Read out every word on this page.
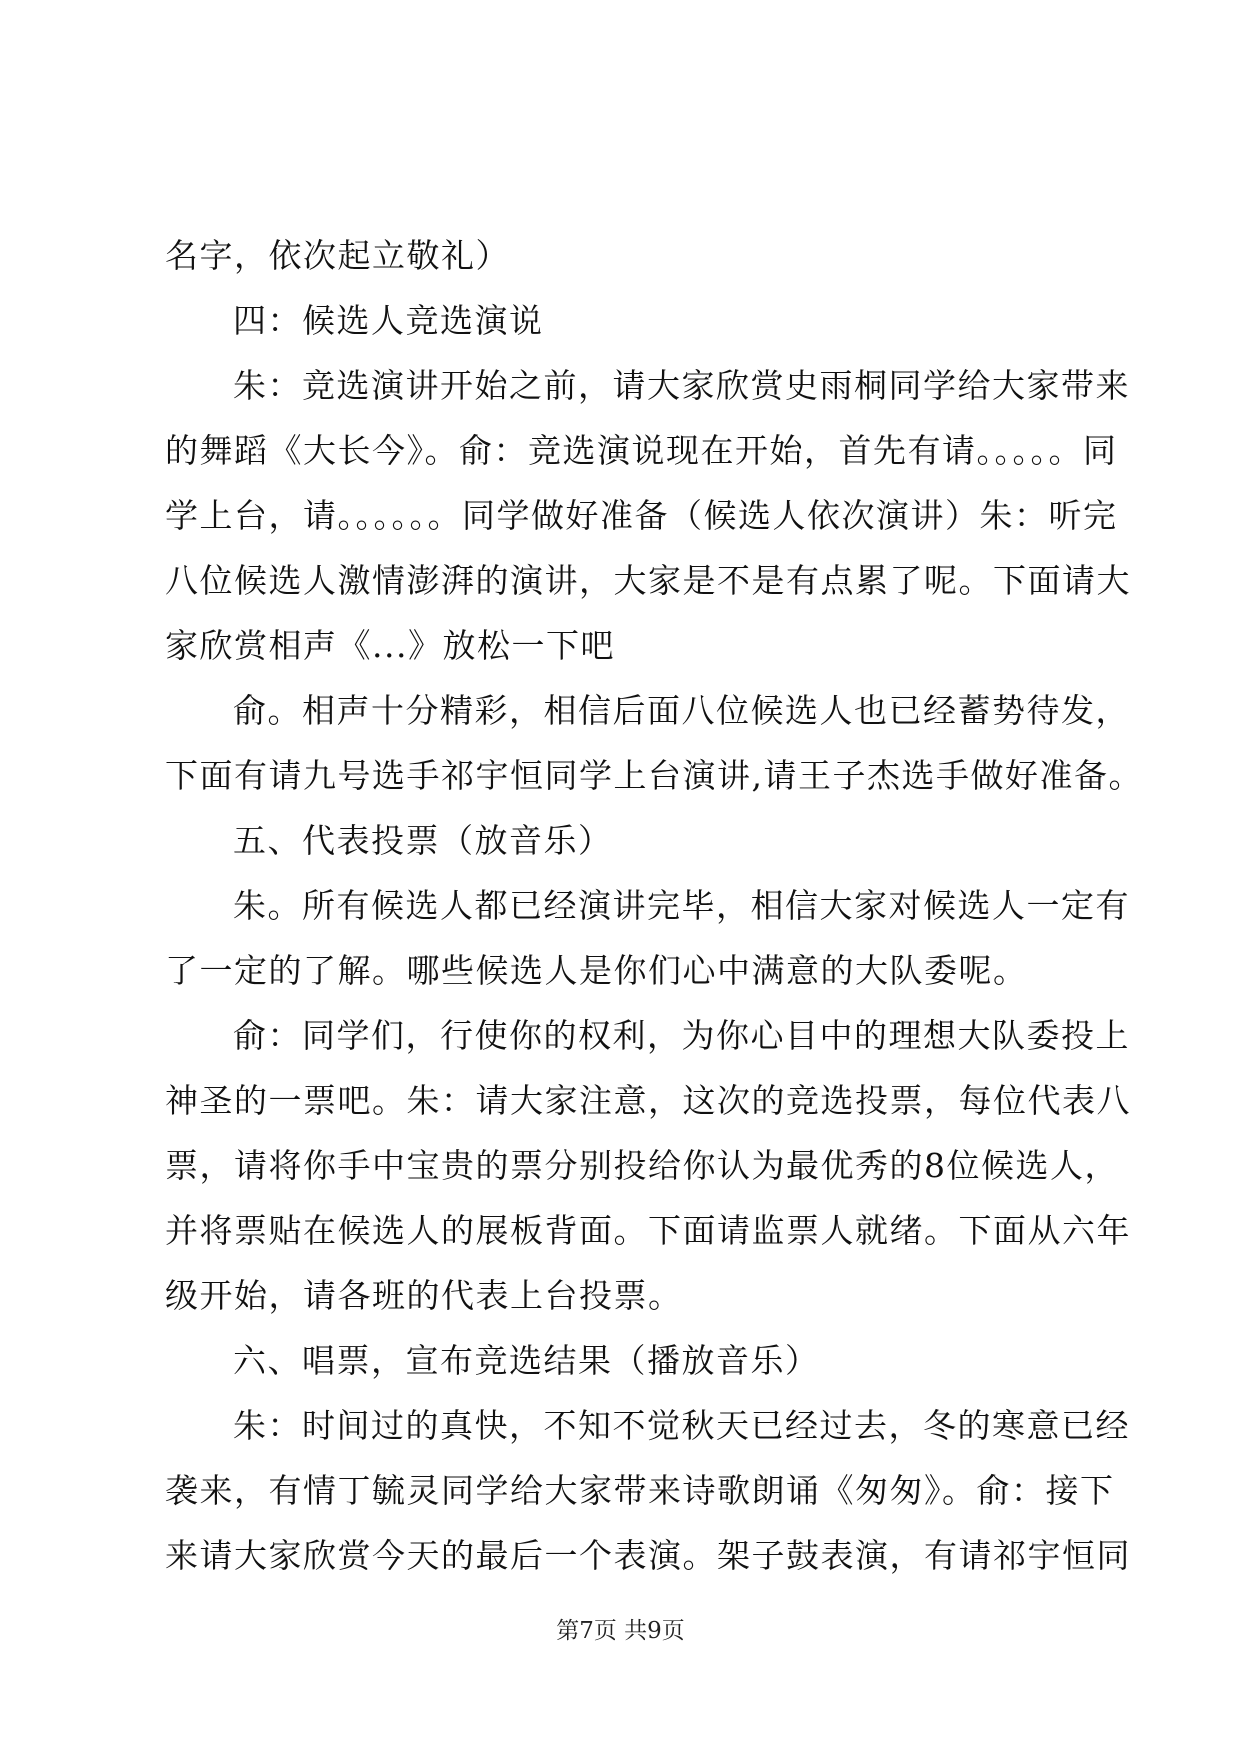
名字，依次起立敬礼）
四：候选人竞选演说
朱：竞选演讲开始之前，请大家欣赏史雨桐同学给大家带来
的舞蹈《大长今》。俞：竞选演说现在开始，首先有请。。。。。同
学上台，请。。。。。。同学做好准备（候选人依次演讲）朱：听完
八位候选人激情澎湃的演讲，大家是不是有点累了呢。下面请大
家欣赏相声《...》放松一下吧
俞。相声十分精彩，相信后面八位候选人也已经蓄势待发，
下面有请九号选手祁宇恒同学上台演讲,请王子杰选手做好准备。
五、代表投票（放音乐）
朱。所有候选人都已经演讲完毕，相信大家对候选人一定有
了一定的了解。哪些候选人是你们心中满意的大队委呢。
俞：同学们，行使你的权利，为你心目中的理想大队委投上
神圣的一票吧。朱：请大家注意，这次的竞选投票，每位代表八
票，请将你手中宝贵的票分别投给你认为最优秀的8位候选人，
并将票贴在候选人的展板背面。下面请监票人就绪。下面从六年
级开始，请各班的代表上台投票。
六、唱票，宣布竞选结果（播放音乐）
朱：时间过的真快，不知不觉秋天已经过去，冬的寒意已经
袭来，有情丁毓灵同学给大家带来诗歌朗诵《匆匆》。俞：接下
来请大家欣赏今天的最后一个表演。架子鼓表演，有请祁宇恒同
第7页 共9页
